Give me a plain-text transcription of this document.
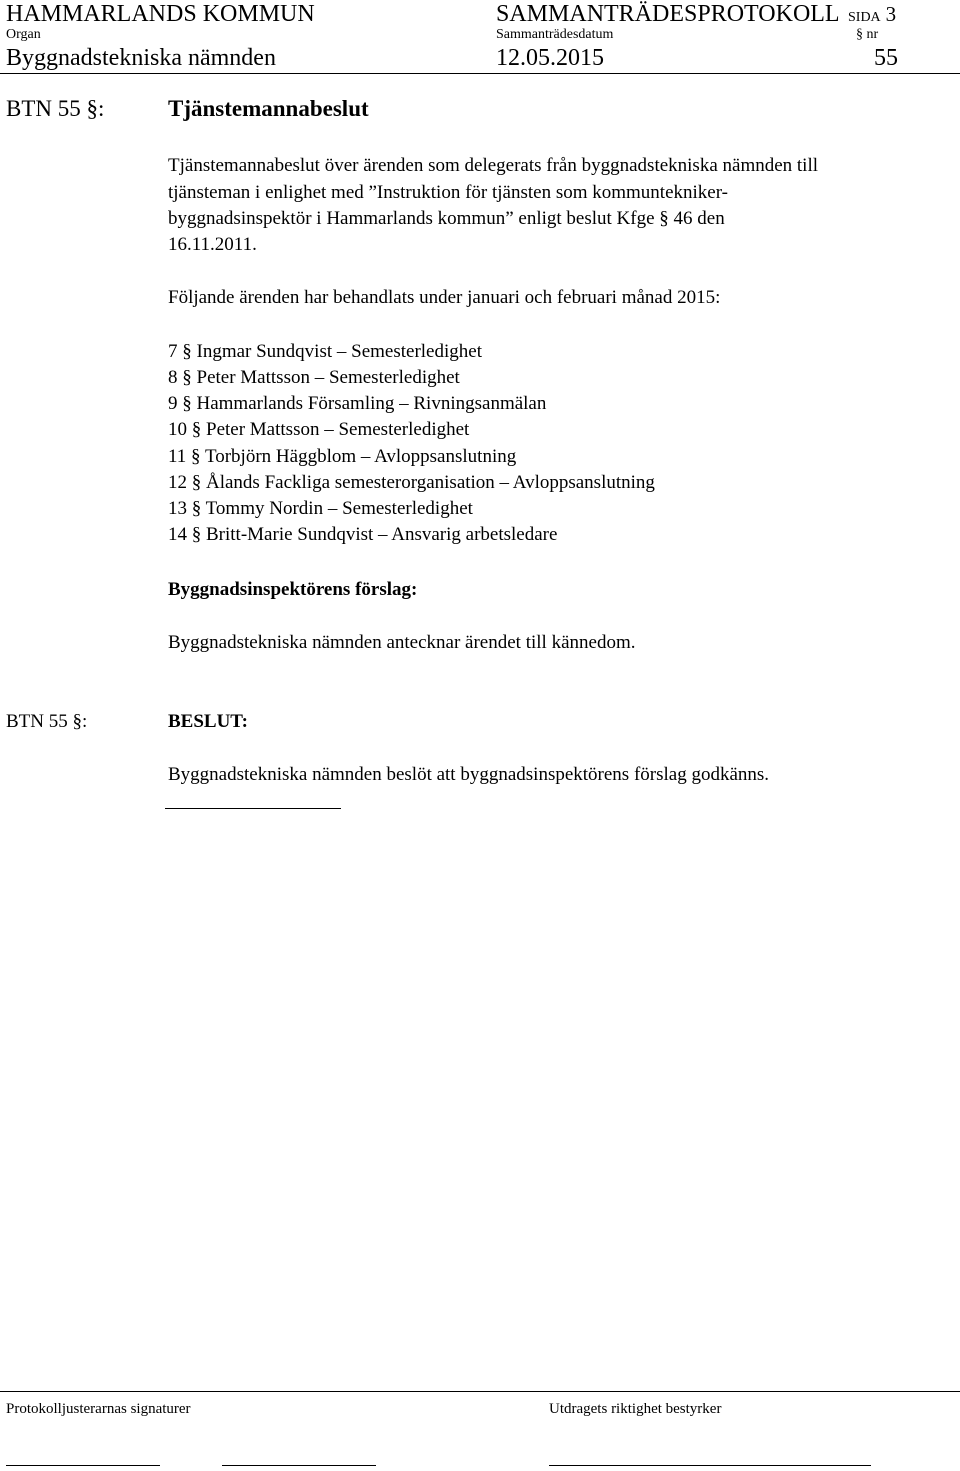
HAMMARLANDS KOMMUN	SAMMANTRÄDESPROTOKOLL SIDA 3
Organ	Sammanträdesdatum	§ nr
Byggnadstekniska nämnden	12.05.2015	55
BTN 55 §:	Tjänstemannabeslut
Tjänstemannabeslut över ärenden som delegerats från byggnadstekniska nämnden till
tjänsteman i enlighet med ”Instruktion för tjänsten som kommuntekniker-
byggnadsinspektör i Hammarlands kommun” enligt beslut Kfge § 46 den
16.11.2011.
Följande ärenden har behandlats under januari och februari månad 2015:
7 § Ingmar Sundqvist – Semesterledighet
8 § Peter Mattsson – Semesterledighet
9 § Hammarlands Församling – Rivningsanmälan
10 § Peter Mattsson – Semesterledighet
11 § Torbjörn Häggblom – Avloppsanslutning
12 § Ålands Fackliga semesterorganisation – Avloppsanslutning
13 § Tommy Nordin – Semesterledighet
14 § Britt-Marie Sundqvist – Ansvarig arbetsledare
Byggnadsinspektörens förslag:
Byggnadstekniska nämnden antecknar ärendet till kännedom.
BTN 55 §:	BESLUT:
Byggnadstekniska nämnden beslöt att byggnadsinspektörens förslag godkänns.
Protokolljusterarnas signaturer	Utdragets riktighet bestyrker
